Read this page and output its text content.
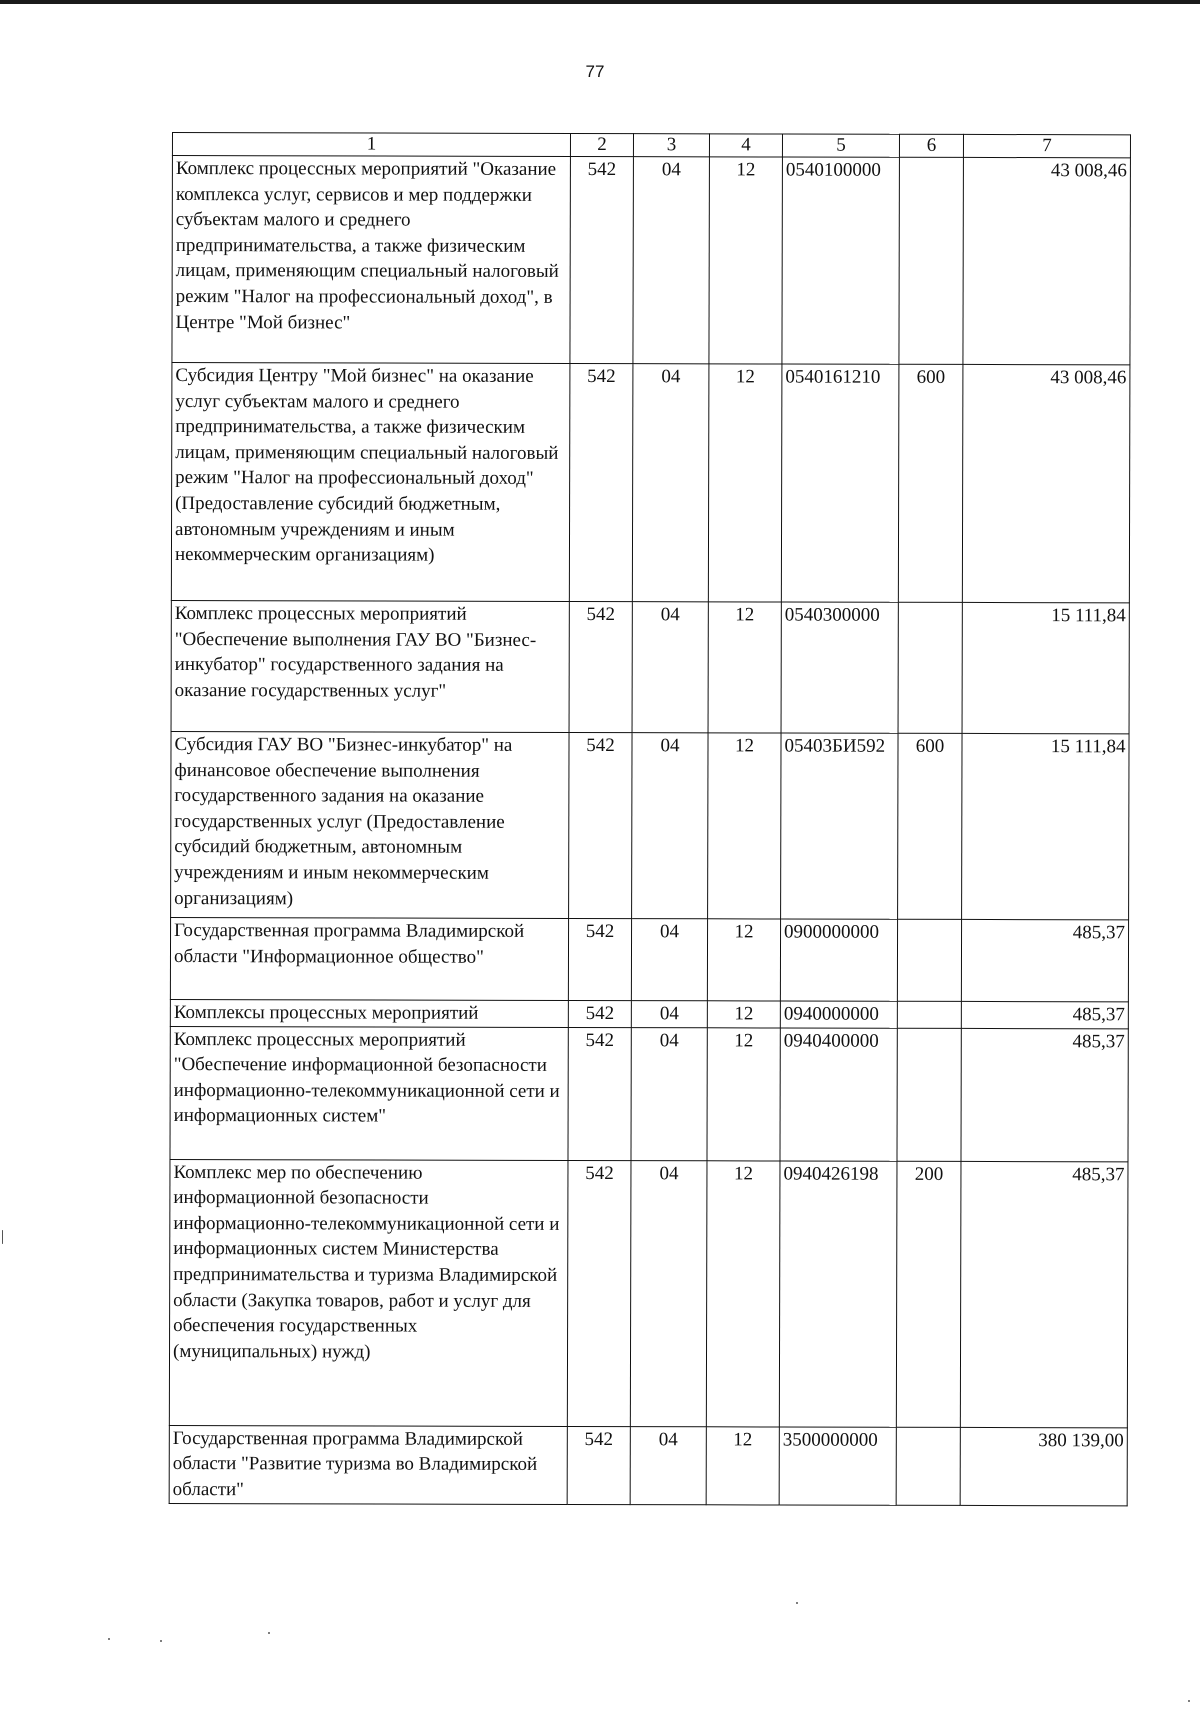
77
1	2	3	4	5	6	7
Комплекс процессных мероприятий "Оказание комплекса услуг, сервисов и мер поддержки субъектам малого и среднего предпринимательства, а также физическим лицам, применяющим специальный налоговый режим "Налог на профессиональный доход", в Центре "Мой бизнес"	542	04	12	0540100000		43 008,46
Субсидия Центру "Мой бизнес" на оказание услуг субъектам малого и среднего предпринимательства, а также физическим лицам, применяющим специальный налоговый режим "Налог на профессиональный доход" (Предоставление субсидий бюджетным, автономным учреждениям и иным некоммерческим организациям)	542	04	12	0540161210	600	43 008,46
Комплекс процессных мероприятий "Обеспечение выполнения ГАУ ВО "Бизнес-инкубатор" государственного задания на оказание государственных услуг"	542	04	12	0540300000		15 111,84
Субсидия ГАУ ВО "Бизнес-инкубатор" на финансовое обеспечение выполнения государственного задания на оказание государственных услуг (Предоставление субсидий бюджетным, автономным учреждениям и иным некоммерческим организациям)	542	04	12	05403БИ592	600	15 111,84
Государственная программа Владимирской области "Информационное общество"	542	04	12	0900000000		485,37
Комплексы процессных мероприятий	542	04	12	0940000000		485,37
Комплекс процессных мероприятий "Обеспечение информационной безопасности информационно-телекоммуникационной сети и информационных систем"	542	04	12	0940400000		485,37
Комплекс мер по обеспечению информационной безопасности информационно-телекоммуникационной сети и информационных систем Министерства предпринимательства и туризма Владимирской области (Закупка товаров, работ и услуг для обеспечения государственных (муниципальных) нужд)	542	04	12	0940426198	200	485,37
Государственная программа Владимирской области "Развитие туризма во Владимирской области"	542	04	12	3500000000		380 139,00
